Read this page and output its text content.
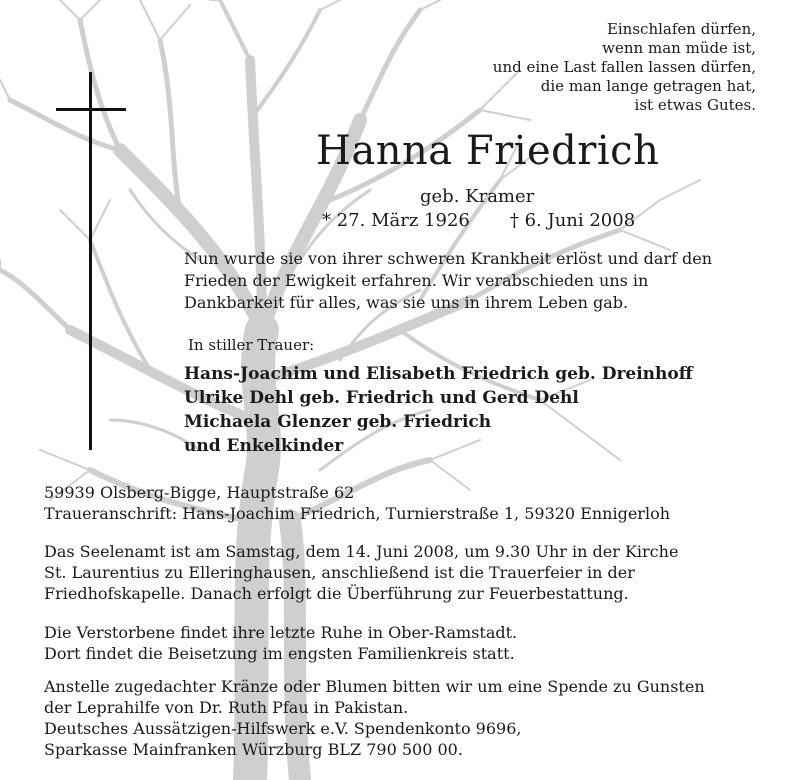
Einschlafen dürfen,
wenn man müde ist,
und eine Last fallen lassen dürfen,
die man lange getragen hat,
ist etwas Gutes.
Hanna Friedrich
geb. Kramer
* 27. März 1926 † 6. Juni 2008
Nun wurde sie von ihrer schweren Krankheit erlöst und darf den
Frieden der Ewigkeit erfahren. Wir verabschieden uns in
Dankbarkeit für alles, was sie uns in ihrem Leben gab.
In stiller Trauer:
Hans-Joachim und Elisabeth Friedrich geb. Dreinhoff
Ulrike Dehl geb. Friedrich und Gerd Dehl
Michaela Glenzer geb. Friedrich
und Enkelkinder
59939 Olsberg-Bigge, Hauptstraße 62
Traueranschrift: Hans-Joachim Friedrich, Turnierstraße 1, 59320 Ennigerloh
Das Seelenamt ist am Samstag, dem 14. Juni 2008, um 9.30 Uhr in der Kirche
St. Laurentius zu Elleringhausen, anschließend ist die Trauerfeier in der
Friedhofskapelle. Danach erfolgt die Überführung zur Feuerbestattung.
Die Verstorbene findet ihre letzte Ruhe in Ober-Ramstadt.
Dort findet die Beisetzung im engsten Familienkreis statt.
Anstelle zugedachter Kränze oder Blumen bitten wir um eine Spende zu Gunsten
der Leprahilfe von Dr. Ruth Pfau in Pakistan.
Deutsches Aussätzigen-Hilfswerk e.V. Spendenkonto 9696,
Sparkasse Mainfranken Würzburg BLZ 790 500 00.
